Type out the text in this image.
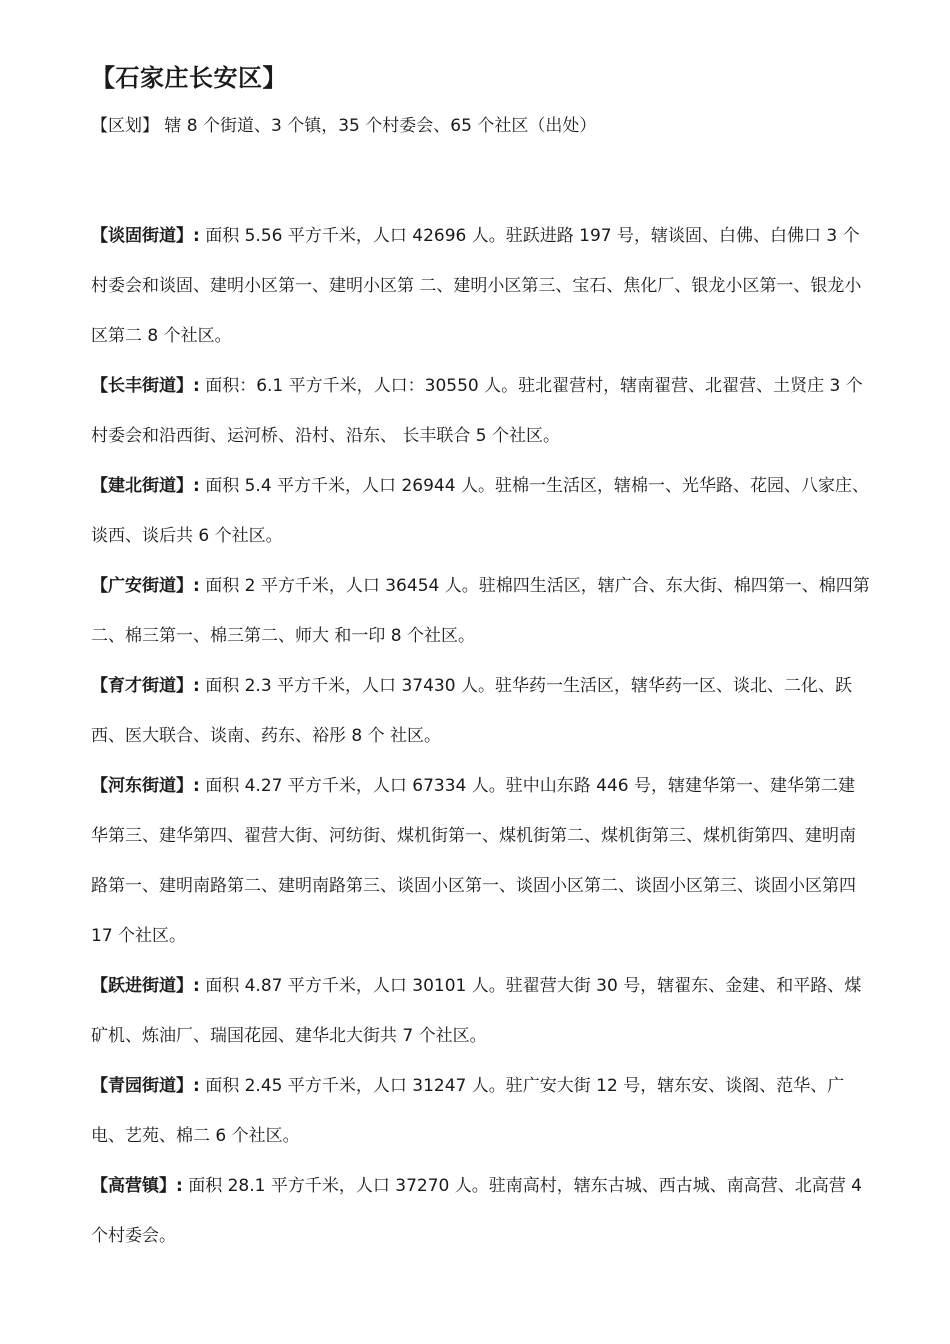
【石家庄长安区】
【区划】 辖 8 个街道、3 个镇，35 个村委会、65 个社区（出处）

【谈固街道】: 面积 5.56 平方千米，人口 42696 人。驻跃进路 197 号，辖谈固、白佛、白佛口 3 个村委会和谈固、建明小区第一、建明小区第 二、建明小区第三、宝石、焦化厂、银龙小区第一、银龙小区第二 8 个社区。

【长丰街道】: 面积：6.1 平方千米，人口：30550 人。驻北翟营村，辖南翟营、北翟营、土贤庄 3 个村委会和沿西街、运河桥、沿村、沿东、 长丰联合 5 个社区。

【建北街道】: 面积 5.4 平方千米，人口 26944 人。驻棉一生活区，辖棉一、光华路、花园、八家庄、谈西、谈后共 6 个社区。

【广安街道】: 面积 2 平方千米，人口 36454 人。驻棉四生活区，辖广合、东大街、棉四第一、棉四第二、棉三第一、棉三第二、师大 和一印 8 个社区。

【育才街道】: 面积 2.3 平方千米，人口 37430 人。驻华药一生活区，辖华药一区、谈北、二化、跃西、医大联合、谈南、药东、裕彤 8 个 社区。

【河东街道】: 面积 4.27 平方千米，人口 67334 人。驻中山东路 446 号，辖建华第一、建华第二建华第三、建华第四、翟营大街、河纺街、煤机街第一、煤机街第二、煤机街第三、煤机街第四、建明南路第一、建明南路第二、建明南路第三、谈固小区第一、谈固小区第二、谈固小区第三、谈固小区第四 17 个社区。

【跃进街道】: 面积 4.87 平方千米，人口 30101 人。驻翟营大街 30 号，辖翟东、金建、和平路、煤矿机、炼油厂、瑞国花园、建华北大街共 7 个社区。

【青园街道】: 面积 2.45 平方千米，人口 31247 人。驻广安大街 12 号，辖东安、谈阁、范华、广电、艺苑、棉二 6 个社区。

【高营镇】: 面积 28.1 平方千米，人口 37270 人。驻南高村，辖东古城、西古城、南高营、北高营 4 个村委会。
